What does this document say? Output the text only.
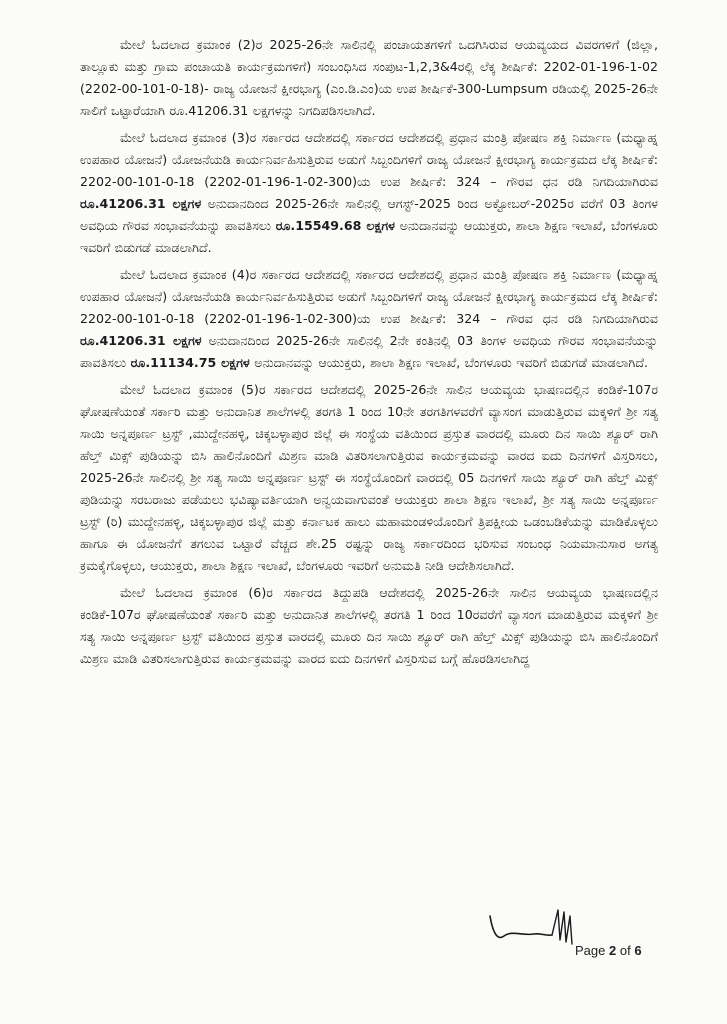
ಮೇಲೆ ಓದಲಾದ ಕ್ರಮಾಂಕ (2)ರ 2025-26ನೇ ಸಾಲಿನಲ್ಲಿ ಪಂಚಾಯತಗಳಿಗೆ ಒದಗಿಸಿರುವ ಆಯವ್ಯಯದ ವಿವರಗಳಿಗೆ (ಜಿಲ್ಲಾ, ತಾಲ್ಲೂಕು ಮತ್ತು ಗ್ರಾಮ ಪಂಚಾಯತಿ ಕಾರ್ಯಕ್ರಮಗಳಿಗೆ) ಸಂಬಂಧಿಸಿದ ಸಂಪುಟ-1,2,3&4ರಲ್ಲಿ ಲೆಕ್ಕ ಶೀರ್ಷಿಕೆ: 2202-01-196-1-02 (2202-00-101-0-18)- ರಾಜ್ಯ ಯೋಜನೆ ಕ್ಷೀರಭಾಗ್ಯ (ಎಂ.ಡಿ.ಎಂ)ಯ ಉಪ ಶೀರ್ಷಿಕೆ-300-Lumpsum ರಡಿಯಲ್ಲಿ 2025-26ನೇ ಸಾಲಿಗೆ ಒಟ್ಟಾರೆಯಾಗಿ ರೂ.41206.31 ಲಕ್ಷಗಳನ್ನು ನಿಗದಿಪಡಿಸಲಾಗಿದೆ.

ಮೇಲೆ ಓದಲಾದ ಕ್ರಮಾಂಕ (3)ರ ಸರ್ಕಾರದ ಆದೇಶದಲ್ಲಿ ಸರ್ಕಾರದ ಆದೇಶದಲ್ಲಿ ಪ್ರಧಾನ ಮಂತ್ರಿ ಪೋಷಣ ಶಕ್ತಿ ನಿರ್ಮಾಣ (ಮಧ್ಯಾಹ್ನ ಉಪಹಾರ ಯೋಜನೆ) ಯೋಜನೆಯಡಿ ಕಾರ್ಯನಿರ್ವಹಿಸುತ್ತಿರುವ ಅಡುಗೆ ಸಿಬ್ಬಂದಿಗಳಿಗೆ ರಾಜ್ಯ ಯೋಜನೆ ಕ್ಷೀರಭಾಗ್ಯ ಕಾರ್ಯಕ್ರಮದ ಲೆಕ್ಕ ಶೀರ್ಷಿಕೆ: 2202-00-101-0-18 (2202-01-196-1-02-300)ಯ ಉಪ ಶೀರ್ಷಿಕೆ: 324 – ಗೌರವ ಧನ ರಡಿ ನಿಗದಿಯಾಗಿರುವ ರೂ.41206.31 ಲಕ್ಷಗಳ ಅನುದಾನದಿಂದ 2025-26ನೇ ಸಾಲಿನಲ್ಲಿ ಆಗಸ್ಟ್-2025 ರಿಂದ ಅಕ್ಟೋಬರ್-2025ರ ವರೆಗೆ 03 ತಿಂಗಳ ಅವಧಿಯ ಗೌರವ ಸಂಭಾವನೆಯನ್ನು ಪಾವತಿಸಲು ರೂ.15549.68 ಲಕ್ಷಗಳ ಅನುದಾನವನ್ನು ಆಯುಕ್ತರು, ಶಾಲಾ ಶಿಕ್ಷಣ ಇಲಾಖೆ, ಬೆಂಗಳೂರು ಇವರಿಗೆ ಬಿಡುಗಡೆ ಮಾಡಲಾಗಿದೆ.

ಮೇಲೆ ಓದಲಾದ ಕ್ರಮಾಂಕ (4)ರ ಸರ್ಕಾರದ ಆದೇಶದಲ್ಲಿ ಸರ್ಕಾರದ ಆದೇಶದಲ್ಲಿ ಪ್ರಧಾನ ಮಂತ್ರಿ ಪೋಷಣ ಶಕ್ತಿ ನಿರ್ಮಾಣ (ಮಧ್ಯಾಹ್ನ ಉಪಹಾರ ಯೋಜನೆ) ಯೋಜನೆಯಡಿ ಕಾರ್ಯನಿರ್ವಹಿಸುತ್ತಿರುವ ಅಡುಗೆ ಸಿಬ್ಬಂದಿಗಳಿಗೆ ರಾಜ್ಯ ಯೋಜನೆ ಕ್ಷೀರಭಾಗ್ಯ ಕಾರ್ಯಕ್ರಮದ ಲೆಕ್ಕ ಶೀರ್ಷಿಕೆ: 2202-00-101-0-18 (2202-01-196-1-02-300)ಯ ಉಪ ಶೀರ್ಷಿಕೆ: 324 – ಗೌರವ ಧನ ರಡಿ ನಿಗದಿಯಾಗಿರುವ ರೂ.41206.31 ಲಕ್ಷಗಳ ಅನುದಾನದಿಂದ 2025-26ನೇ ಸಾಲಿನಲ್ಲಿ 2ನೇ ಕಂತಿನಲ್ಲಿ 03 ತಿಂಗಳ ಅವಧಿಯ ಗೌರವ ಸಂಭಾವನೆಯನ್ನು ಪಾವತಿಸಲು ರೂ.11134.75 ಲಕ್ಷಗಳ ಅನುದಾನವನ್ನು ಆಯುಕ್ತರು, ಶಾಲಾ ಶಿಕ್ಷಣ ಇಲಾಖೆ, ಬೆಂಗಳೂರು ಇವರಿಗೆ ಬಿಡುಗಡೆ ಮಾಡಲಾಗಿದೆ.

ಮೇಲೆ ಓದಲಾದ ಕ್ರಮಾಂಕ (5)ರ ಸರ್ಕಾರದ ಆದೇಶದಲ್ಲಿ 2025-26ನೇ ಸಾಲಿನ ಆಯವ್ಯಯ ಭಾಷಣದಲ್ಲಿನ ಕಂಡಿಕೆ-107ರ ಘೋಷಣೆಯಂತೆ ಸರ್ಕಾರಿ ಮತ್ತು ಅನುದಾನಿತ ಶಾಲೆಗಳಲ್ಲಿ ತರಗತಿ 1 ರಿಂದ 10ನೇ ತರಗತಿಗಳವರೆಗೆ ವ್ಯಾಸಂಗ ಮಾಡುತ್ತಿರುವ ಮಕ್ಕಳಿಗೆ ಶ್ರೀ ಸತ್ಯ ಸಾಯಿ ಅನ್ನಪೂರ್ಣ ಟ್ರಸ್ಟ್ ,ಮುದ್ದೇನಹಳ್ಳಿ, ಚಿಕ್ಕಬಳ್ಳಾಪುರ ಜಿಲ್ಲೆ ಈ ಸಂಸ್ಥೆಯ ವತಿಯಿಂದ ಪ್ರಸ್ತುತ ವಾರದಲ್ಲಿ ಮೂರು ದಿನ ಸಾಯಿ ಶ್ಯೂರ್ ರಾಗಿ ಹೆಲ್ತ್ ಮಿಕ್ಸ್ ಪುಡಿಯನ್ನು ಬಿಸಿ ಹಾಲಿನೊಂದಿಗೆ ಮಿಶ್ರಣ ಮಾಡಿ ವಿತರಿಸಲಾಗುತ್ತಿರುವ ಕಾರ್ಯಕ್ರಮವನ್ನು ವಾರದ ಐದು ದಿನಗಳಿಗೆ ವಿಸ್ತರಿಸಲು, 2025-26ನೇ ಸಾಲಿನಲ್ಲಿ ಶ್ರೀ ಸತ್ಯ ಸಾಯಿ ಅನ್ನಪೂರ್ಣ ಟ್ರಸ್ಟ್ ಈ ಸಂಸ್ಥೆಯೊಂದಿಗೆ ವಾರದಲ್ಲಿ 05 ದಿನಗಳಿಗೆ ಸಾಯಿ ಶ್ಯೂರ್ ರಾಗಿ ಹೆಲ್ತ್ ಮಿಕ್ಸ್ ಪುಡಿಯನ್ನು ಸರಬರಾಜು ಪಡೆಯಲು ಭವಿಷ್ಯಾವರ್ತಿಯಾಗಿ ಅನ್ವಯವಾಗುವಂತೆ ಆಯುಕ್ತರು ಶಾಲಾ ಶಿಕ್ಷಣ ಇಲಾಖೆ, ಶ್ರೀ ಸತ್ಯ ಸಾಯಿ ಅನ್ನಪೂರ್ಣ ಟ್ರಸ್ಟ್ (ರಿ) ಮುದ್ದೇನಹಳ್ಳಿ, ಚಿಕ್ಕಬಳ್ಳಾಪುರ ಜಿಲ್ಲೆ ಮತ್ತು ಕರ್ನಾಟಕ ಹಾಲು ಮಹಾಮಂಡಳಿಯೊಂದಿಗೆ ತ್ರಿಪಕ್ಷೀಯ ಒಡಂಬಡಿಕೆಯನ್ನು ಮಾಡಿಕೊಳ್ಳಲು ಹಾಗೂ ಈ ಯೋಜನೆಗೆ ತಗಲುವ ಒಟ್ಟಾರೆ ವೆಚ್ಚದ ಶೇ.25 ರಷ್ಟನ್ನು ರಾಜ್ಯ ಸರ್ಕಾರದಿಂದ ಭರಿಸುವ ಸಂಬಂಧ ನಿಯಮಾನುಸಾರ ಅಗತ್ಯ ಕ್ರಮಕೈಗೊಳ್ಳಲು, ಆಯುಕ್ತರು, ಶಾಲಾ ಶಿಕ್ಷಣ ಇಲಾಖೆ, ಬೆಂಗಳೂರು ಇವರಿಗೆ ಅನುಮತಿ ನೀಡಿ ಆದೇಶಿಸಲಾಗಿದೆ.

ಮೇಲೆ ಓದಲಾದ ಕ್ರಮಾಂಕ (6)ರ ಸರ್ಕಾರದ ತಿದ್ದುಪಡಿ ಆದೇಶದಲ್ಲಿ 2025-26ನೇ ಸಾಲಿನ ಆಯವ್ಯಯ ಭಾಷಣದಲ್ಲಿನ ಕಂಡಿಕೆ-107ರ ಘೋಷಣೆಯಂತೆ ಸರ್ಕಾರಿ ಮತ್ತು ಅನುದಾನಿತ ಶಾಲೆಗಳಲ್ಲಿ ತರಗತಿ 1 ರಿಂದ 10ರವರೆಗೆ ವ್ಯಾಸಂಗ ಮಾಡುತ್ತಿರುವ ಮಕ್ಕಳಿಗೆ ಶ್ರೀ ಸತ್ಯ ಸಾಯಿ ಅನ್ನಪೂರ್ಣ ಟ್ರಸ್ಟ್ ವತಿಯಿಂದ ಪ್ರಸ್ತುತ ವಾರದಲ್ಲಿ ಮೂರು ದಿನ ಸಾಯಿ ಶ್ಯೂರ್ ರಾಗಿ ಹೆಲ್ತ್ ಮಿಕ್ಸ್ ಪುಡಿಯನ್ನು ಬಿಸಿ ಹಾಲಿನೊಂದಿಗೆ ಮಿಶ್ರಣ ಮಾಡಿ ವಿತರಿಸಲಾಗುತ್ತಿರುವ ಕಾರ್ಯಕ್ರಮವನ್ನು ವಾರದ ಐದು ದಿನಗಳಿಗೆ ವಿಸ್ತರಿಸುವ ಬಗ್ಗೆ ಹೊರಡಿಸಲಾಗಿದ್ದ

Page 2 of 6
